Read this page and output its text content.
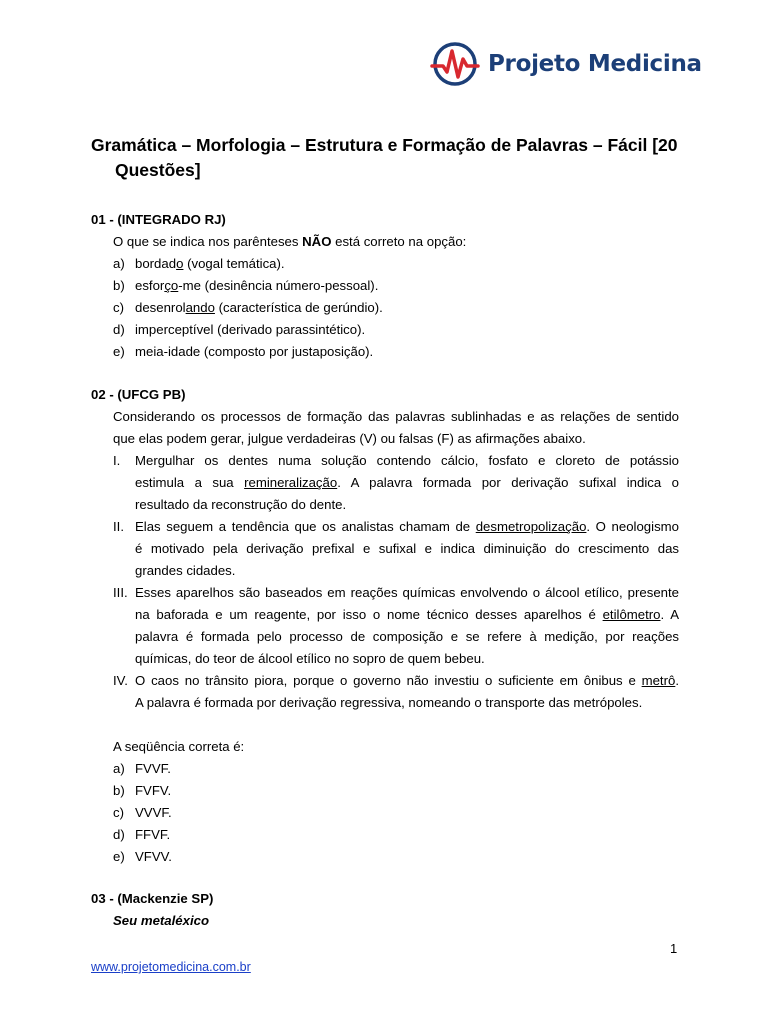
Projeto Medicina
Gramática – Morfologia – Estrutura e Formação de Palavras – Fácil [20
Questões]
01 - (INTEGRADO RJ)
O que se indica nos parênteses NÃO está correto na opção:
a) bordado (vogal temática).
b) esforço-me (desinência número-pessoal).
c) desenrolando (característica de gerúndio).
d) imperceptível (derivado parassintético).
e) meia-idade (composto por justaposição).
02 - (UFCG PB)
Considerando os processos de formação das palavras sublinhadas e as relações de sentido
que elas podem gerar, julgue verdadeiras (V) ou falsas (F) as afirmações abaixo.
I.	Mergulhar os dentes numa solução contendo cálcio, fosfato e cloreto de potássio
estimula a sua remineralização. A palavra formada por derivação sufixal indica o
resultado da reconstrução do dente.
II. Elas seguem a tendência que os analistas chamam de desmetropolização. O neologismo
é motivado pela derivação prefixal e sufixal e indica diminuição do crescimento das
grandes cidades.
III. Esses aparelhos são baseados em reações químicas envolvendo o álcool etílico, presente
na baforada e um reagente, por isso o nome técnico desses aparelhos é etilômetro. A
palavra é formada pelo processo de composição e se refere à medição, por reações
químicas, do teor de álcool etílico no sopro de quem bebeu.
IV. O caos no trânsito piora, porque o governo não investiu o suficiente em ônibus e metrô.
A palavra é formada por derivação regressiva, nomeando o transporte das metrópoles.
A seqüência correta é:
a) FVVF.
b) FVFV.
c) VVVF.
d) FFVF.
e) VFVV.
03 - (Mackenzie SP)
Seu metaléxico
1
www.projetomedicina.com.br
